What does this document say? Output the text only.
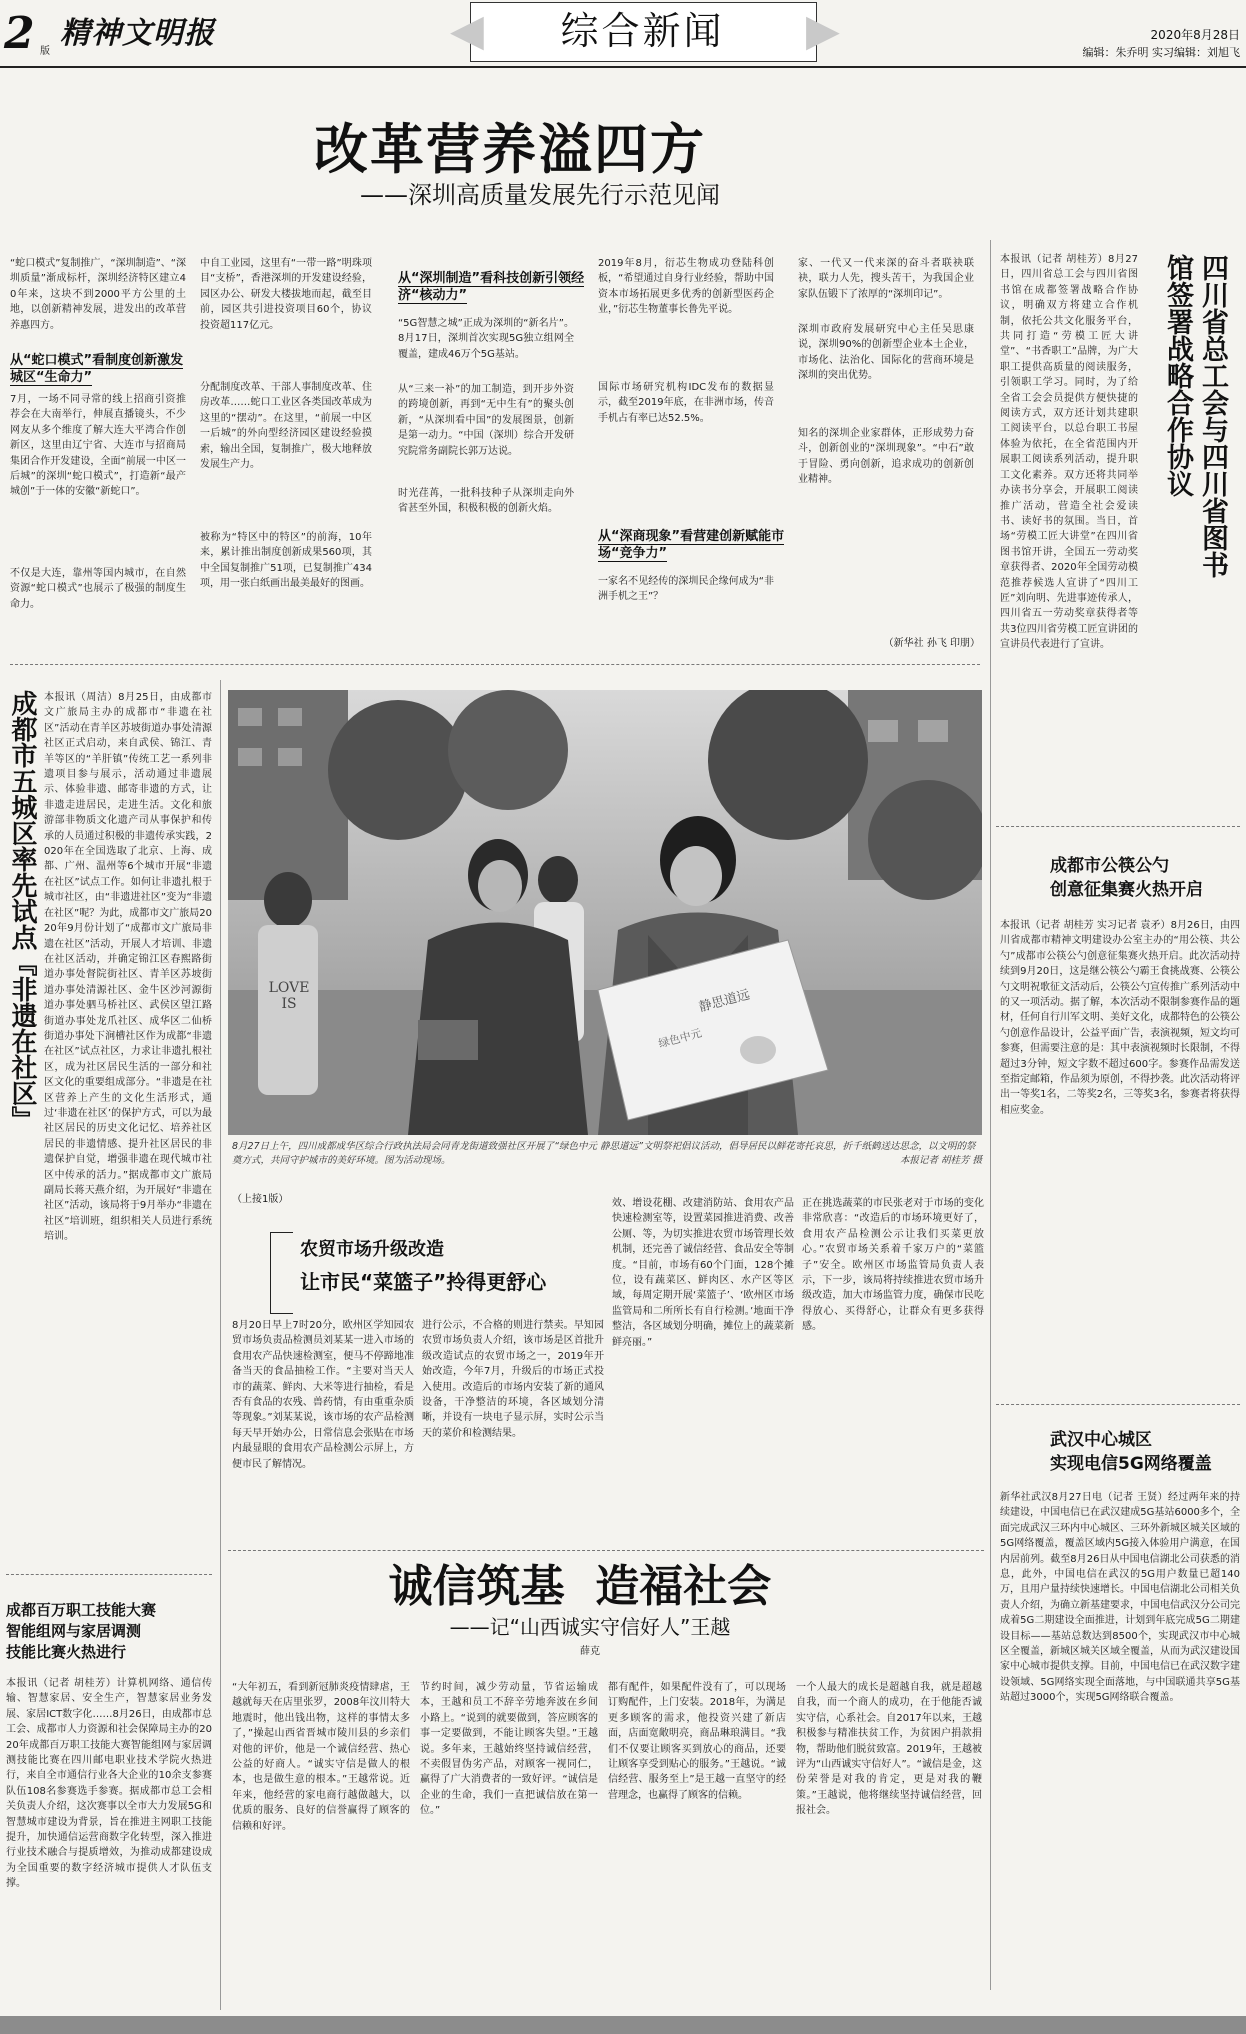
2 版
精神文明报	◀	▶
综合新闻	2020年8月28日
编辑：朱乔明 实习编辑：刘旭飞
改革营养溢四方
——深圳高质量发展先行示范见闻
“蛇口模式”复制推广，“深圳制造”、“深圳质量”渐成标杆，深圳经济特区建立40年来，这块不到2000平方公里的土地，以创新精神发展，进发出的改革营养惠四方。
从“蛇口模式”看制度创新激发城区“生命力”
7月，一场不同寻常的线上招商引资推荐会在大南举行，伸展直播镜头，不少网友从多个维度了解大连大平湾合作创新区，这里由辽宁省、大连市与招商局集团合作开发建设，全面“前展一中区一后城”的深圳“蛇口模式”，打造新“最产城创”于一体的安徽“新蛇口”。
不仅是大连，靠州等国内城市，在自然资源“蛇口模式”也展示了极强的制度生命力。
中自工业园，这里有“一带一路”明珠项目“支桥”，香港深圳的开发建设经验，园区办公、研发大楼拔地而起，截至目前，园区共引进投资项目60个，协议投资超117亿元。
分配制度改革、干部人事制度改革、住房改革……蛇口工业区各类国改革成为这里的“摆动”。在这里，“前展一中区一后城”的外向型经济园区建设经验摸索，输出全国，复制推广，极大地释放发展生产力。
被称为“特区中的特区”的前海，10年来，累计推出制度创新成果560项，其中全国复制推广51项，已复制推广434项，用一张白纸画出最美最好的图画。
从“深圳制造”看科技创新引领经济“核动力”
“5G智慧之城”正成为深圳的“新名片”。8月17日，深圳首次实现5G独立组网全覆盖，建成46万个5G基站。
从“三来一补”的加工制造，到开步外资的跨境创新，再到“无中生有”的聚头创新，“从深圳看中国”的发展图景，创新是第一动力。“中国（深圳）综合开发研究院常务副院长郭万达说。
时光荏苒，一批科技种子从深圳走向外省甚至外国，积极积极的创新火焰。
2019年8月，衍芯生物成功登陆科创板，“希望通过自身行业经验，帮助中国资本市场拓展更多优秀的创新型医药企业，”衍芯生物董事长鲁先平说。
国际市场研究机构IDC发布的数据显示，截至2019年底，在非洲市场，传音手机占有率已达52.5%。
从“深商现象”看营建创新赋能市场“竞争力”
一家名不见经传的深圳民企缘何成为“非洲手机之王”？
家、一代又一代来深的奋斗者联袂联袂，联力人先，搜头苦干，为我国企业家队伍锻下了浓厚的“深圳印记”。
深圳市政府发展研究中心主任吴思康说，深圳90%的创新型企业本土企业，市场化、法治化、国际化的营商环境是深圳的突出优势。
知名的深圳企业家群体，正形成势力奋斗，创新创业的“深圳现象”。“中石”敢于冒险、勇向创新，追求成功的创新创业精神。
（新华社 孙飞 印朋）
四川省总工会与四川省图书馆签署战略合作协议
本报讯（记者 胡桂芳）8月27日，四川省总工会与四川省图书馆在成都签署战略合作协议，明确双方将建立合作机制，依托公共文化服务平台，共同打造“劳模工匠大讲堂”、“书香职工”品牌，为广大职工提供高质量的阅读服务，引领职工学习。同时，为了给全省工会会员提供方便快捷的阅读方式，双方还计划共建职工阅读平台，以总台职工书屋体验为依托，在全省范围内开展职工阅读系列活动，提升职工文化素养。双方还将共同举办读书分享会，开展职工阅读推广活动，营造全社会爱读书、读好书的氛围。当日，首场“劳模工匠大讲堂”在四川省图书馆开讲，全国五一劳动奖章获得者、2020年全国劳动模范推荐候选人宣讲了“四川工匠”刘向明、先进事迹传承人，四川省五一劳动奖章获得者等共3位四川省劳模工匠宣讲团的宣讲员代表进行了宣讲。
成都市公筷公勺
创意征集赛火热开启
本报讯（记者 胡桂芳 实习记者 袁矛）8月26日，由四川省成都市精神文明建设办公室主办的“用公筷、共公勺”成都市公筷公勺创意征集赛火热开启。此次活动持续到9月20日，这是继公筷公勺霸王食挑战赛、公筷公勺文明祝歌征文活动后，公筷公勺宣传推广系列活动中的又一项活动。据了解，本次活动不限制参赛作品的题材，任何自行川军文明、美好文化，成都特色的公筷公勺创意作品设计，公益平面广告，表演视频，短文均可参赛，但需要注意的是：其中表演视频时长限制，不得超过3分钟，短文字数不超过600字。参赛作品需发送至指定邮箱，作品须为原创，不得抄袭。此次活动将评出一等奖1名，二等奖2名，三等奖3名，参赛者将获得相应奖金。
武汉中心城区
实现电信5G网络覆盖
新华社武汉8月27日电（记者 王贤）经过两年来的持续建设，中国电信已在武汉建成5G基站6000多个，全面完成武汉三环内中心城区、三环外新城区城关区域的5G网络覆盖，覆盖区域内5G接入体验用户满意，在国内居前列。截至8月26日从中国电信湖北公司获悉的消息，此外，中国电信在武汉的5G用户数量已超140万，且用户量持续快速增长。中国电信湖北公司相关负责人介绍，为确立新基建要求，中国电信武汉分公司完成着5G二期建设全面推进，计划到年底完成5G二期建设目标——基站总数达到8500个，实现武汉市中心城区全覆盖，新城区城关区域全覆盖，从而为武汉建设国家中心城市提供支撑。目前，中国电信已在武汉数字建设领域、5G网络实现全面落地，与中国联通共享5G基站超过3000个，实现5G网络联合覆盖。
成都市五城区率先试点『非遗在社区』 本报讯（周洁）8月25日，由成都市文广旅局主办的成都市“非遗在社区”活动在青羊区苏坡街道办事处清源社区正式启动，来自武侯、锦江、青羊等区的“羊肝镇”传统工艺一系列非遗项目参与展示，活动通过非遗展示、体验非遗、邮寄非遗的方式，让非遗走进居民，走进生活。文化和旅游部非物质文化遗产司从事保护和传承的人员通过积极的非遗传承实践，2020年在全国选取了北京、上海、成都、广州、温州等6个城市开展“非遗在社区”试点工作。如何让非遗扎根于城市社区，由“非遗进社区”变为“非遗在社区”呢？为此，成都市文广旅局2020年9月份计划了“成都市文广旅局非遗在社区”活动，开展人才培训、非遗在社区活动，并确定锦江区春熙路街道办事处督院街社区、青羊区苏坡街道办事处清源社区、金牛区沙河源街道办事处驷马桥社区、武侯区望江路街道办事处龙爪社区、成华区二仙桥街道办事处下涧槽社区作为成都“非遗在社区”试点社区，力求让非遗扎根社区，成为社区居民生活的一部分和社区文化的重要组成部分。“非遗是在社区营养上产生的文化生活形式，通过‘非遗在社区’的保护方式，可以为最社区居民的历史文化记忆、培养社区居民的非遗情感、提升社区居民的非遗保护自觉，增强非遗在现代城市社区中传承的活力。”据成都市文广旅局副局长蒋天燕介绍，为开展好“非遗在社区”活动，该局将于9月举办“非遗在社区”培训班，组织相关人员进行系统培训。
成都百万职工技能大赛
智能组网与家居调测
技能比赛火热进行
本报讯（记者 胡桂芳）计算机网络、通信传输、智慧家居、安全生产，智慧家居业务发展、家居ICT数字化……8月26日，由成都市总工会、成都市人力资源和社会保障局主办的2020年成都百万职工技能大赛智能组网与家居调测技能比赛在四川邮电职业技术学院火热进行，来自全市通信行业各大企业的10余支参赛队伍108名参赛选手参赛。据成都市总工会相关负责人介绍，这次赛事以全市大力发展5G和智慧城市建设为背景，旨在推进主网职工技能提升，加快通信运营商数字化转型，深入推进行业技术融合与提质增效，为推动成都建设成为全国重要的数字经济城市提供人才队伍支撑。
LOVE IS	静思道远
绿色中元
8月27日上午，四川成都成华区综合行政执法局会同青龙街道致强社区开展了“绿色中元 静思道远”文明祭祀倡议活动，倡导居民以鲜花寄托哀思，折千纸鹤送达思念，以文明的祭奠方式，共同守护城市的美好环境。图为活动现场。	本报记者 胡桂芳 摄
（上接1版）
农贸市场升级改造
让市民“菜篮子”拎得更舒心
8月20日早上7时20分，欧州区学知园农贸市场负责品检测员刘某某一进入市场的食用农产品快速检测室，便马不停蹄地准备当天的食品抽检工作。“主要对当天人市的蔬菜、鲜肉、大米等进行抽检，看是否有食品的农残、兽药情，有由重重杂质等现象。”刘某某说，该市场的农产品检测每天早开始办公，日常信息会张贴在市场内最显眼的食用农产品检测公示屏上，方便市民了解情况。
进行公示，不合格的则进行禁卖。早知园农贸市场负责人介绍，该市场是区首批升级改造试点的农贸市场之一，2019年开始改造，今年7月，升级后的市场正式投入使用。改造后的市场内安装了新的通风设备，干净整洁的环境，各区域划分清晰，并设有一块电子显示屏，实时公示当天的菜价和检测结果。
效、增设花棚、改建消防站、食用农产品快速检测室等，设置菜园推进消费、改善公厕、等，为切实推进农贸市场管理长效机制，还完善了诚信经营、食品安全等制度。“目前，市场有60个门面，128个摊位，设有蔬菜区、鲜肉区、水产区等区域，每周定期开展‘菜篮子’、‘欧州区市场监管局和二所所长有自行检测。’地面干净整洁，各区域划分明确，摊位上的蔬菜新鲜亮丽。”
正在挑选蔬菜的市民张老对于市场的变化非常欣喜：“改造后的市场环境更好了，食用农产品检测公示让我们买菜更放心。”农贸市场关系着千家万户的“菜篮子”安全。欧州区市场监管局负责人表示，下一步，该局将持续推进农贸市场升级改造，加大市场监管力度，确保市民吃得放心、买得舒心，让群众有更多获得感。
诚信筑基  造福社会
——记“山西诚实守信好人”王越
薛克
“大年初五，看到新冠肺炎疫情肆虐，王越就每天在店里张罗，2008年汶川特大地震时，他出钱出物，这样的事情太多了，”操起山西省晋城市陵川县的乡亲们对他的评价，他是一个诚信经营、热心公益的好商人。“诚实守信是做人的根本，也是做生意的根本。”王越常说。近年来，他经营的家电商行越做越大，以优质的服务、良好的信誉赢得了顾客的信赖和好评。
节约时间，减少劳动量，节省运输成本，王越和员工不辞辛劳地奔波在乡间小路上。“说到的就要做到，答应顾客的事一定要做到，不能让顾客失望。”王越说。多年来，王越始终坚持诚信经营，不卖假冒伪劣产品，对顾客一视同仁，赢得了广大消费者的一致好评。“诚信是企业的生命，我们一直把诚信放在第一位。”
都有配件，如果配件没有了，可以现场订购配件，上门安装。2018年，为满足更多顾客的需求，他投资兴建了新店面，店面宽敞明亮，商品琳琅满目。“我们不仅要让顾客买到放心的商品，还要让顾客享受到贴心的服务。”王越说。“诚信经营、服务至上”是王越一直坚守的经营理念，也赢得了顾客的信赖。
一个人最大的成长是超越自我，就是超越自我，而一个商人的成功，在于他能否诚实守信，心系社会。自2017年以来，王越积极参与精准扶贫工作，为贫困户捐款捐物，帮助他们脱贫致富。2019年，王越被评为“山西诚实守信好人”。“诚信是金，这份荣誉是对我的肯定，更是对我的鞭策。”王越说，他将继续坚持诚信经营，回报社会。
